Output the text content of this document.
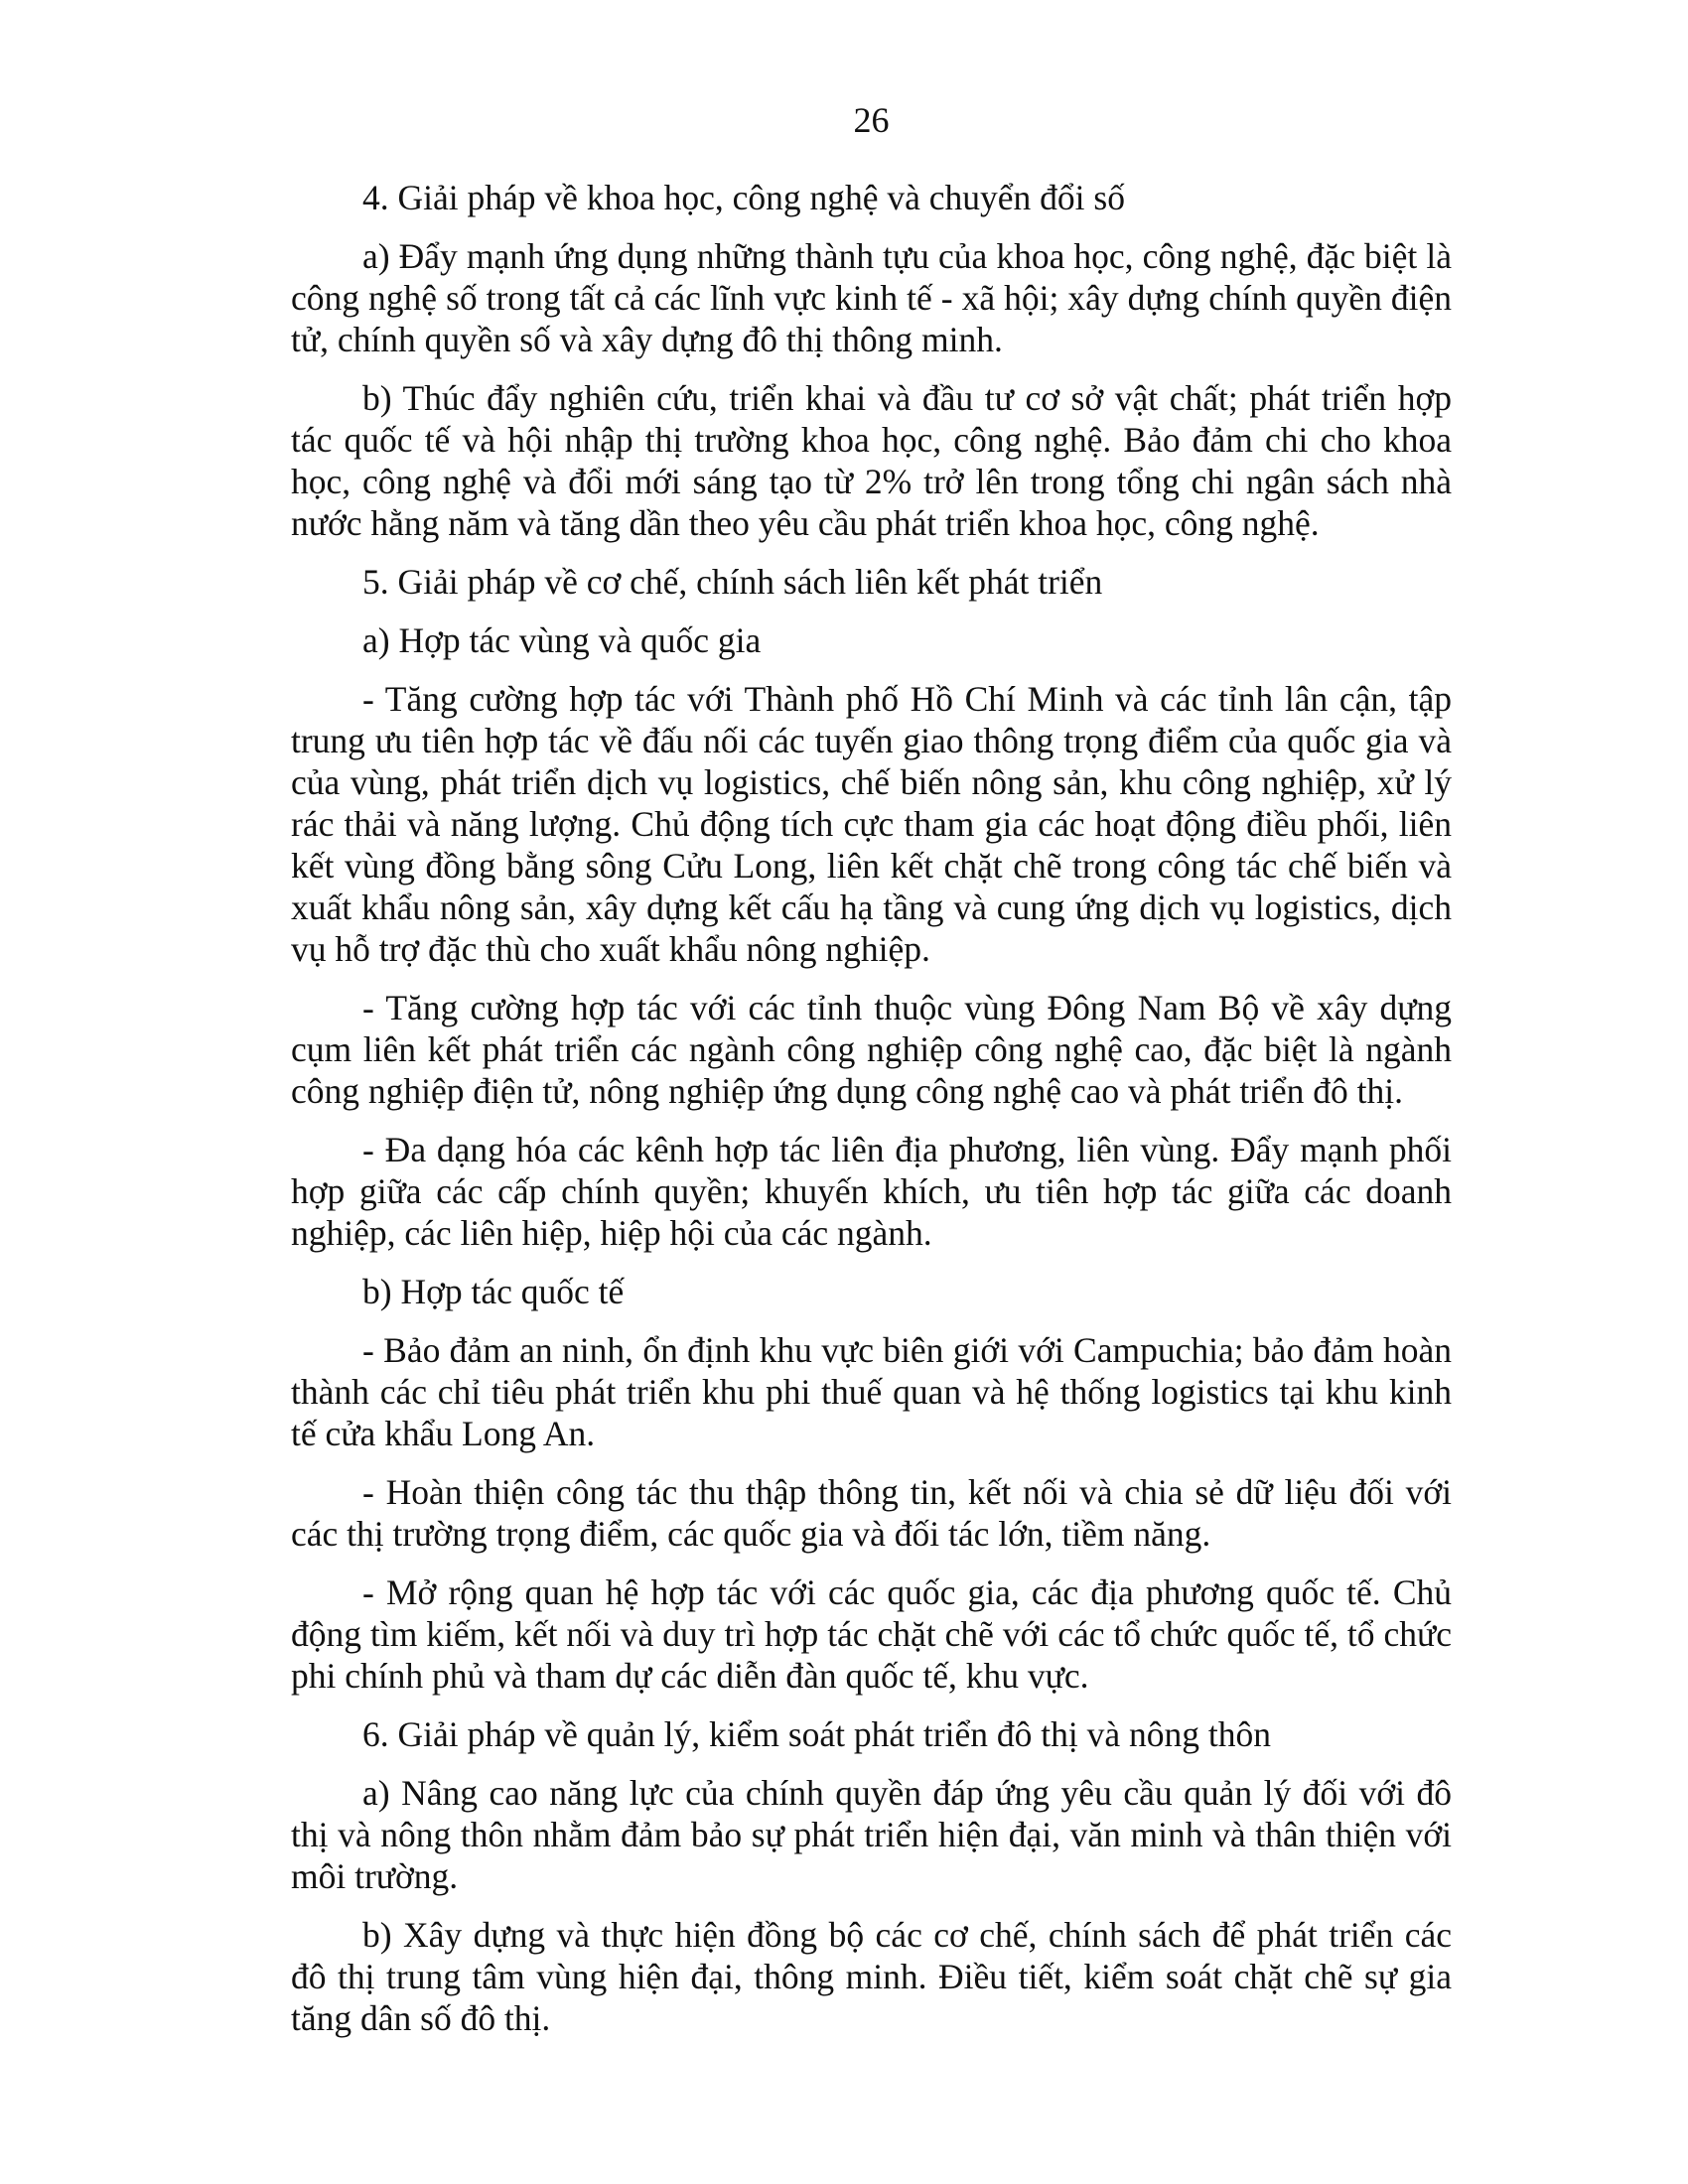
26

4. Giải pháp về khoa học, công nghệ và chuyển đổi số

a) Đẩy mạnh ứng dụng những thành tựu của khoa học, công nghệ, đặc biệt là công nghệ số trong tất cả các lĩnh vực kinh tế - xã hội; xây dựng chính quyền điện tử, chính quyền số và xây dựng đô thị thông minh.

b) Thúc đẩy nghiên cứu, triển khai và đầu tư cơ sở vật chất; phát triển hợp tác quốc tế và hội nhập thị trường khoa học, công nghệ. Bảo đảm chi cho khoa học, công nghệ và đổi mới sáng tạo từ 2% trở lên trong tổng chi ngân sách nhà nước hằng năm và tăng dần theo yêu cầu phát triển khoa học, công nghệ.

5. Giải pháp về cơ chế, chính sách liên kết phát triển

a) Hợp tác vùng và quốc gia

- Tăng cường hợp tác với Thành phố Hồ Chí Minh và các tỉnh lân cận, tập trung ưu tiên hợp tác về đấu nối các tuyến giao thông trọng điểm của quốc gia và của vùng, phát triển dịch vụ logistics, chế biến nông sản, khu công nghiệp, xử lý rác thải và năng lượng. Chủ động tích cực tham gia các hoạt động điều phối, liên kết vùng đồng bằng sông Cửu Long, liên kết chặt chẽ trong công tác chế biến và xuất khẩu nông sản, xây dựng kết cấu hạ tầng và cung ứng dịch vụ logistics, dịch vụ hỗ trợ đặc thù cho xuất khẩu nông nghiệp.

- Tăng cường hợp tác với các tỉnh thuộc vùng Đông Nam Bộ về xây dựng cụm liên kết phát triển các ngành công nghiệp công nghệ cao, đặc biệt là ngành công nghiệp điện tử, nông nghiệp ứng dụng công nghệ cao và phát triển đô thị.

- Đa dạng hóa các kênh hợp tác liên địa phương, liên vùng. Đẩy mạnh phối hợp giữa các cấp chính quyền; khuyến khích, ưu tiên hợp tác giữa các doanh nghiệp, các liên hiệp, hiệp hội của các ngành.

b) Hợp tác quốc tế

- Bảo đảm an ninh, ổn định khu vực biên giới với Campuchia; bảo đảm hoàn thành các chỉ tiêu phát triển khu phi thuế quan và hệ thống logistics tại khu kinh tế cửa khẩu Long An.

- Hoàn thiện công tác thu thập thông tin, kết nối và chia sẻ dữ liệu đối với các thị trường trọng điểm, các quốc gia và đối tác lớn, tiềm năng.

- Mở rộng quan hệ hợp tác với các quốc gia, các địa phương quốc tế. Chủ động tìm kiếm, kết nối và duy trì hợp tác chặt chẽ với các tổ chức quốc tế, tổ chức phi chính phủ và tham dự các diễn đàn quốc tế, khu vực.

6. Giải pháp về quản lý, kiểm soát phát triển đô thị và nông thôn

a) Nâng cao năng lực của chính quyền đáp ứng yêu cầu quản lý đối với đô thị và nông thôn nhằm đảm bảo sự phát triển hiện đại, văn minh và thân thiện với môi trường.

b) Xây dựng và thực hiện đồng bộ các cơ chế, chính sách để phát triển các đô thị trung tâm vùng hiện đại, thông minh. Điều tiết, kiểm soát chặt chẽ sự gia tăng dân số đô thị.
